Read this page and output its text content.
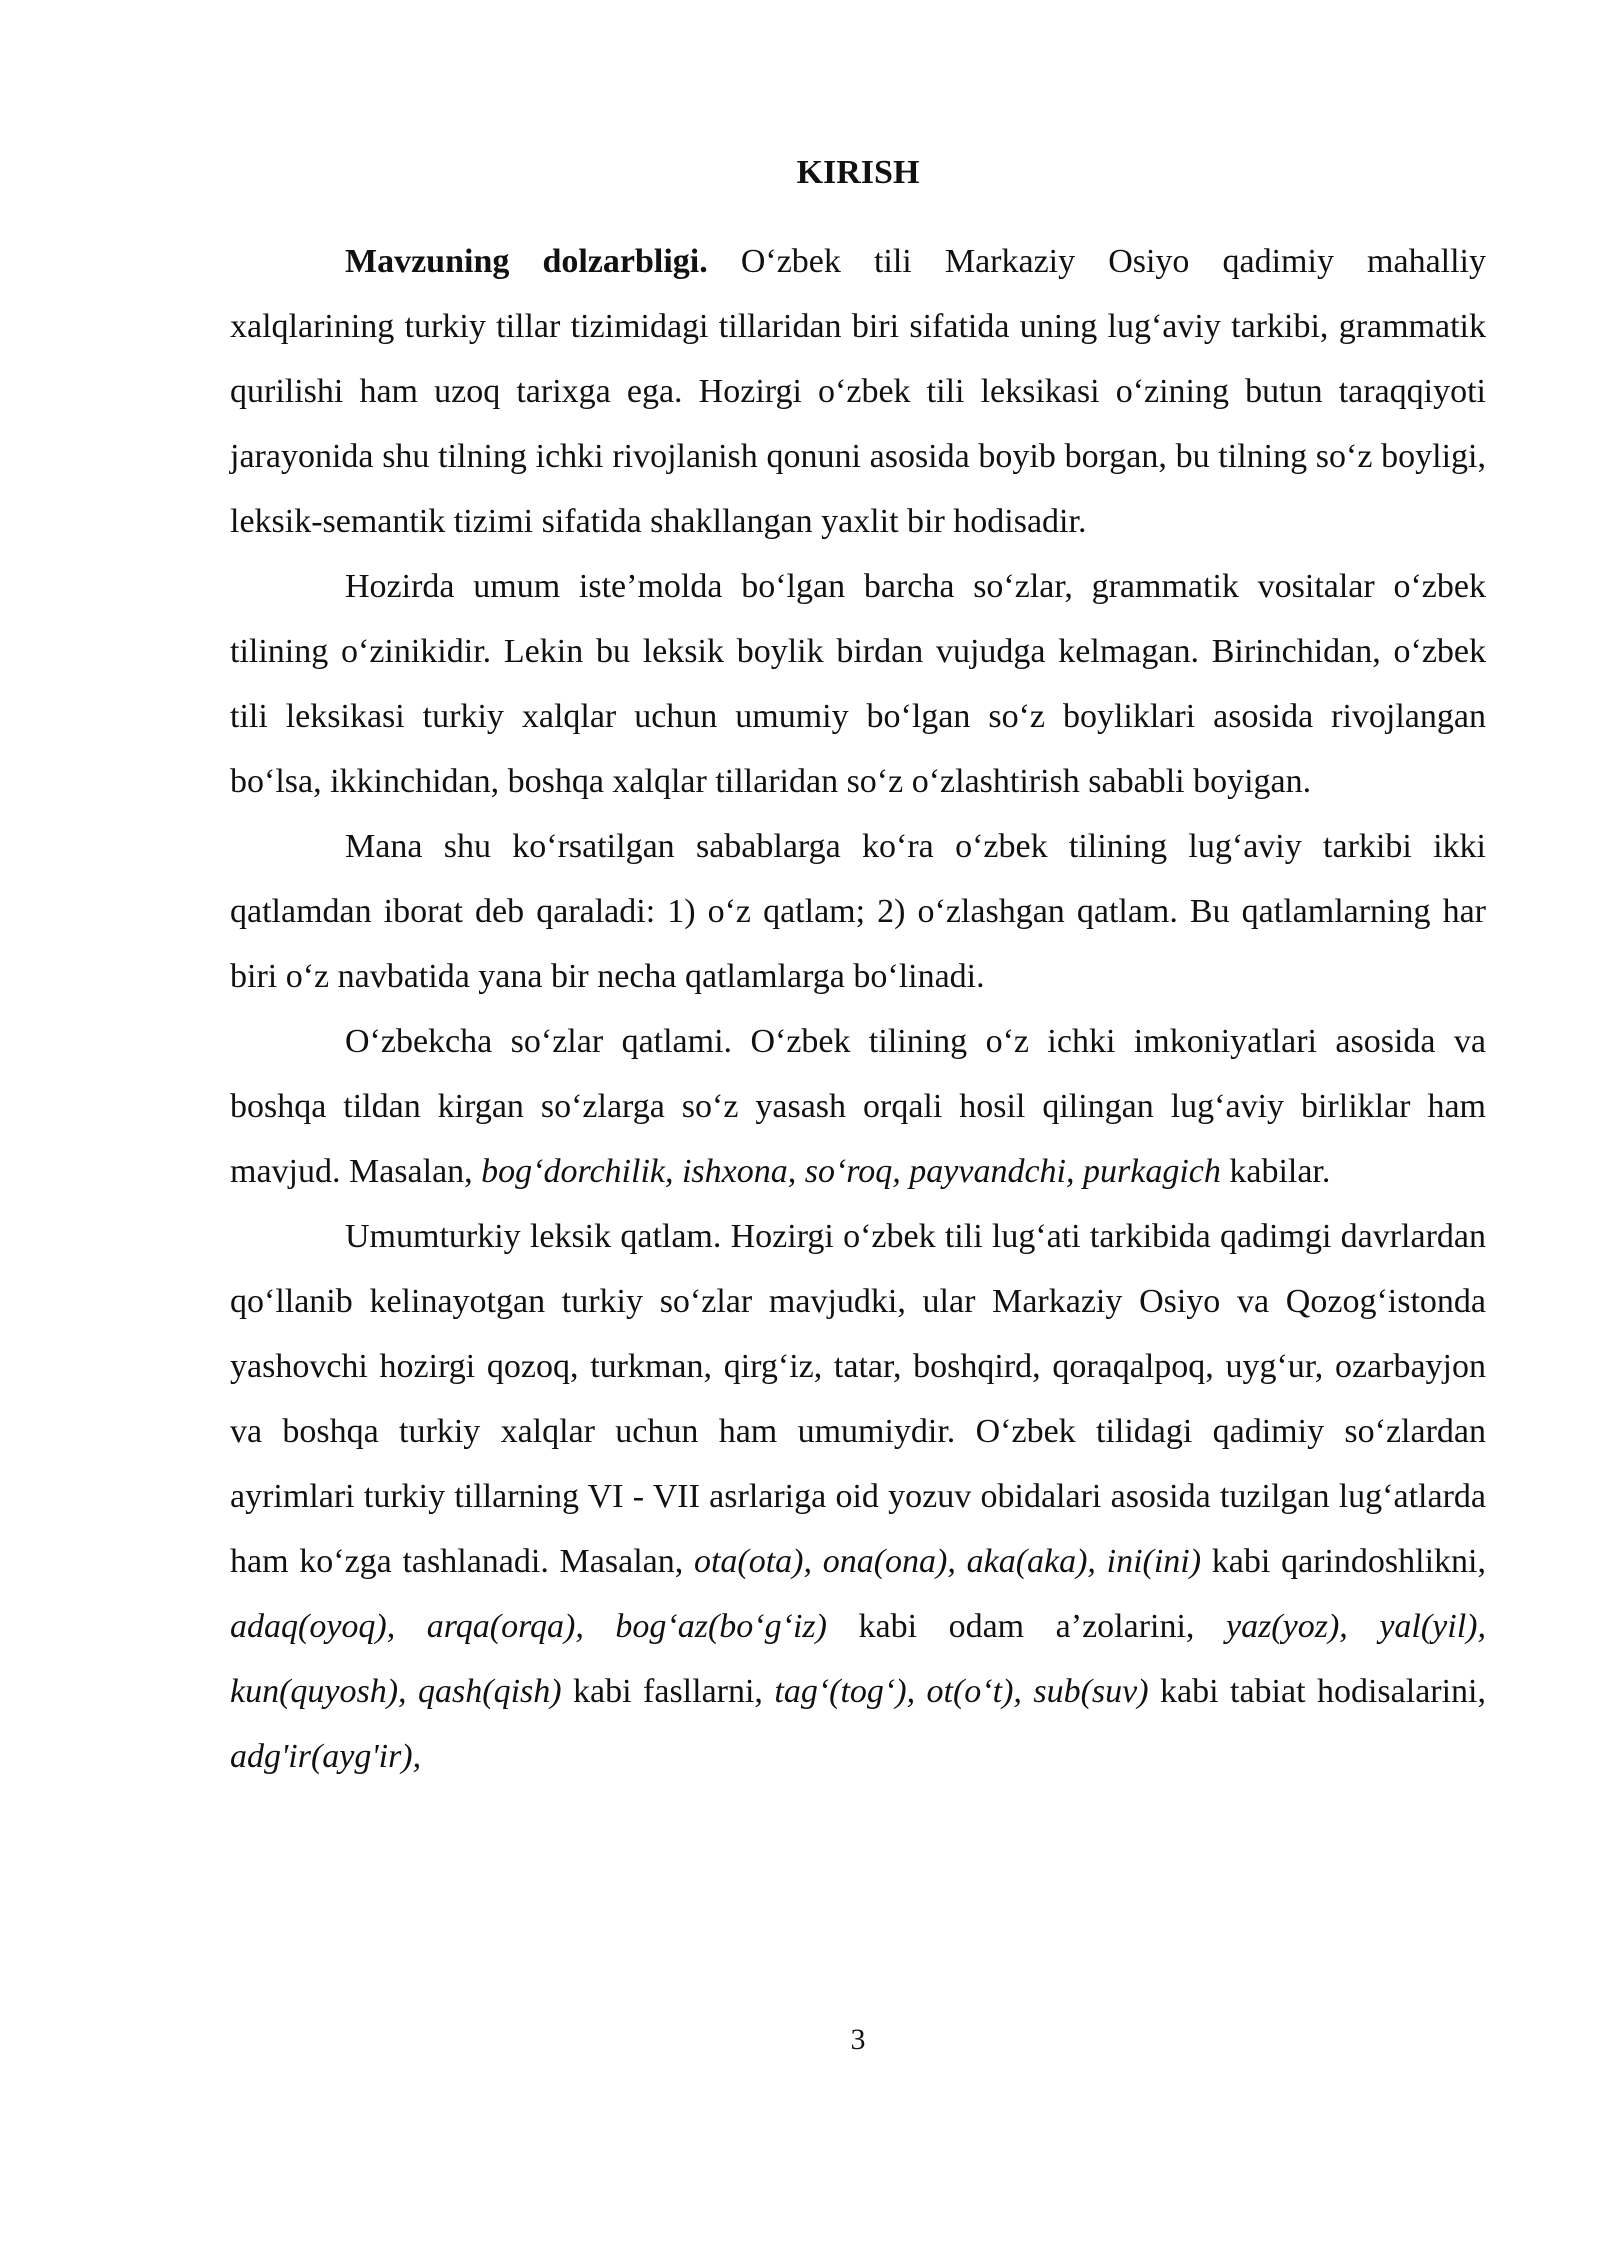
KIRISH

Mavzuning dolzarbligi. O‘zbek tili Markaziy Osiyo qadimiy mahalliy xalqlarining turkiy tillar tizimidagi tillaridan biri sifatida uning lug‘aviy tarkibi, grammatik qurilishi ham uzoq tarixga ega. Hozirgi o‘zbek tili leksikasi o‘zining butun taraqqiyoti jarayonida shu tilning ichki rivojlanish qonuni asosida boyib borgan, bu tilning so‘z boyligi, leksik-semantik tizimi sifatida shakllangan yaxlit bir hodisadir.

Hozirda umum iste’molda bo‘lgan barcha so‘zlar, grammatik vositalar o‘zbek tilining o‘zinikidir. Lekin bu leksik boylik birdan vujudga kelmagan. Birinchidan, o‘zbek tili leksikasi turkiy xalqlar uchun umumiy bo‘lgan so‘z boyliklari asosida rivojlangan bo‘lsa, ikkinchidan, boshqa xalqlar tillaridan so‘z o‘zlashtirish sababli boyigan.

Mana shu ko‘rsatilgan sabablarga ko‘ra o‘zbek tilining lug‘aviy tarkibi ikki qatlamdan iborat deb qaraladi: 1) o‘z qatlam; 2) o‘zlashgan qatlam. Bu qatlamlarning har biri o‘z navbatida yana bir necha qatlamlarga bo‘linadi.

O‘zbekcha so‘zlar qatlami. O‘zbek tilining o‘z ichki imkoniyatlari asosida va boshqa tildan kirgan so‘zlarga so‘z yasash orqali hosil qilingan lug‘aviy birliklar ham mavjud. Masalan, bog‘dorchilik, ishxona, so‘roq, payvandchi, purkagich kabilar.

Umumturkiy leksik qatlam. Hozirgi o‘zbek tili lug‘ati tarkibida qadimgi davrlardan qo‘llanib kelinayotgan turkiy so‘zlar mavjudki, ular Markaziy Osiyo va Qozog‘istonda yashovchi hozirgi qozoq, turkman, qirg‘iz, tatar, boshqird, qoraqalpoq, uyg‘ur, ozarbayjon va boshqa turkiy xalqlar uchun ham umumiydir. O‘zbek tilidagi qadimiy so‘zlardan ayrimlari turkiy tillarning VI - VII asrlariga oid yozuv obidalari asosida tuzilgan lug‘atlarda ham ko‘zga tashlanadi. Masalan, ota(ota), ona(ona), aka(aka), ini(ini) kabi qarindoshlikni, adaq(oyoq), arqa(orqa), bog‘az(bo‘g‘iz) kabi odam a’zolarini, yaz(yoz), yal(yil), kun(quyosh), qash(qish) kabi fasllarni, tag‘(tog‘), ot(o‘t), sub(suv) kabi tabiat hodisalarini, adg'ir(ayg'ir),

3
